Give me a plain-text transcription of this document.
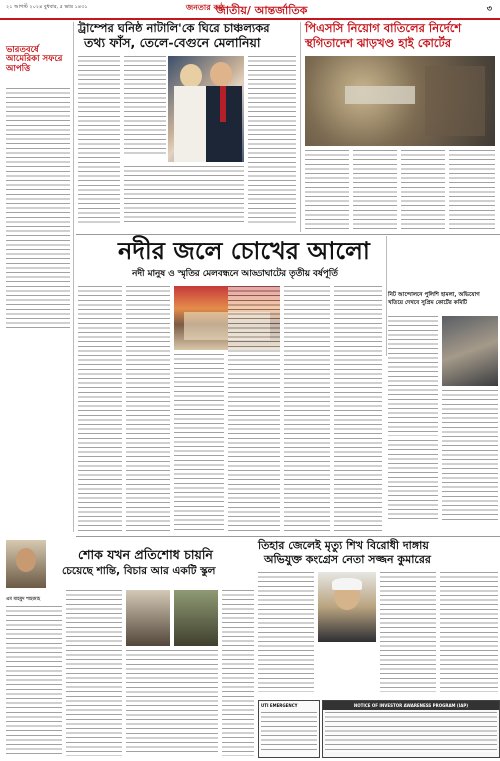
২১ আগস্ট ২০২৪ বুধবার, ৫ ভাদ্র ১৪৩১	জনতার কণ্ঠ
জাতীয়/ আন্তর্জাতিক	৩
ভারতবর্ষে আমেরিকা সফরে আপত্তি
ট্রাম্পের ঘনিষ্ঠ নাটালি'কে ঘিরে চাঞ্চল্যকর
তথ্য ফাঁস, তেলে-বেগুনে মেলানিয়া
পিএসসি নিয়োগ বাতিলের নির্দেশে
স্থগিতাদেশ ঝাড়খণ্ড হাই কোর্টের
নদীর জলে চোখের আলো
নদী মানুষ ও স্মৃতির মেলবন্ধনে আড্ডাঘাটের তৃতীয় বর্ষপূর্তি
নিট আন্দোলনে পুলিশি হামলা, অভিযোগ
খতিয়ে দেখবে সুপ্রিম কোর্টের কমিটি
তিহার জেলেই মৃত্যু শিখ বিরোধী দাঙ্গায়
অভিযুক্ত কংগ্রেস নেতা সজ্জন কুমারের
শোক যখন প্রতিশোধ চায়নি
চেয়েছে শান্তি, বিচার আর একটি স্কুল
এম মাহমুদ শাহজাহ
UTI EMERGENCY	NOTICE OF INVESTOR AWARENESS PROGRAM (IAP)
